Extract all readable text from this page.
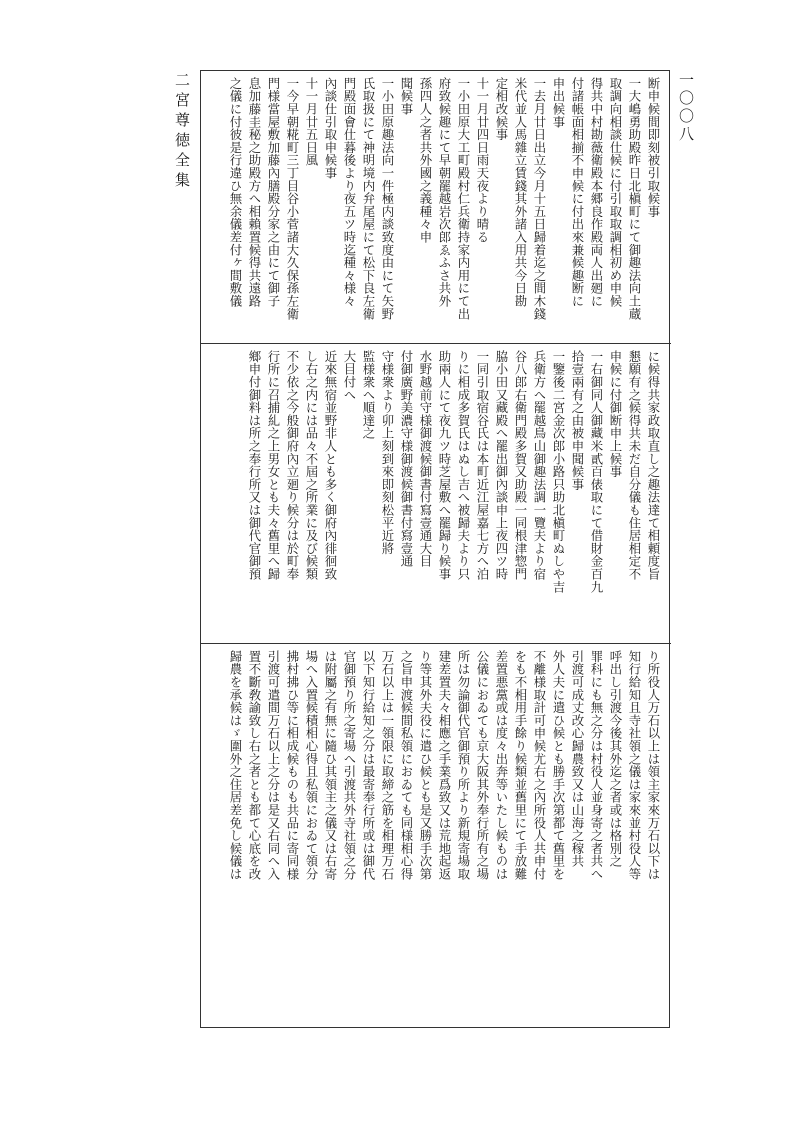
二宮尊徳全集	一〇〇八
断申候間即刻被引取候事
一大嶋勇助殿昨日北槇町にて御趣法向土蔵
取調向相談仕候に付引取取調相初め申候
得共中村勘薇衛殿本郷良作殿両人出𢌞に
付諸帳面相揃不申候に付出來兼候趣断に
申出候事
一去月廿日出立今月十五日歸着迄之間木錢
米代並人馬雜立賃錢其外諸入用共今日勘
定相改候事
十一月廿四日雨天夜より晴る
一小田原大工町殿村仁兵衛持家内用にて出
府致候趣にて早朝罷越岩次郎ゑふさ共外
孫四人之者共外國之義種々申
聞候事
一小田原趣法向一件極内談致度由にて矢野
氏取扱にて神明境内弁尾屋にて松下良左衛
門殿面會仕暮後より夜五ツ時迄種々様々
內談仕引取申候事
十一月廿五日風
一今早朝糀町三丁目谷小菅諸大久保孫左衛
門様當屋敷加藤內膳殿分家之由にて御子
息加藤圭秘之助殿方へ相賴置候得共遠路
之儀に付彼是行違ひ無余儀差付ヶ間敷儀
に候得共家政取直し之趣法達て相頼度旨
懇願有之候得共未だ自分儀も住居相定不
申候に付御断申上候事
一右御同人御藏米貳百俵取にて借財金百九
拾壹兩有之由被申聞候事
一鑒後二宮金次郎小路只助北槇町ぬしや吉
兵衛方へ罷越鳥山御趣法調一覽夫より宿
谷八郎右衛門殿多賀又助殿一同根津惣門
脇小田又藏殿へ罷出御內談申上夜四ツ時
一同引取宿谷氏は本町近江屋嘉七方へ泊
りに相成多賀氏はぬし吉へ被歸夫より只
助兩人にて夜九ツ時芝屋敷へ罷歸り候事
水野越前守様御渡候御書付寫壹通大目
付御廣野美濃守様御渡候御書付寫壹通
守様衆より卯上刻到來即刻松平近將
監様衆へ順達之
大目付へ
近來無宿並野非人とも多く御府內徘徊致
し右之内には品々不屆之所業に及び候類
不少依之今般御府內立廻り候分は於町奉
行所に召捕糺之上男女とも夫々舊里へ歸
鄉申付御料は所之奉行所又は御代官御預
り所役人万石以上は領主家來万石以下は
知行給知且寺社領之儀は家來並村役人等
呼出し引渡今後其外迄之者或は格別之
罪科にも無之分は村役人並身寄之者共へ
引渡可成丈改心歸農致又は山海之稼共
外人夫に遣ひ候とも勝手次第都て舊里を
不離様取計可申候尤右之內所役人共申付
をも不相用手餘り候類並舊里にて手放難
差置悪黨或は度々出奔等いたし候ものは
公儀におゐても京大阪其外奉行所有之場
所は勿論御代官御預り所より新規寄場取
建差置夫々相應之手業爲致又は荒地起返
り等其外夫役に遣ひ候とも是又勝手次第
之旨申渡候間私領におゐても同様相心得
万石以上は一領限に取締之筋を相理万石
以下知行給知之分は最寄奉行所或は御代
官御預り所之寄場へ引渡共外寺社領之分
は附屬之有無に隨ひ其領主之儀又は右寄
場へ入置候積相心得且私領におゐて領分
拂村拂ひ等に相成候ものも共品に寄同様
引渡可遣間万石以上之分は是又右同へ入
置不斷敎諭致し右之者とも都て心底を改
歸農を承候はゞ圍外之住居差免し候儀は
